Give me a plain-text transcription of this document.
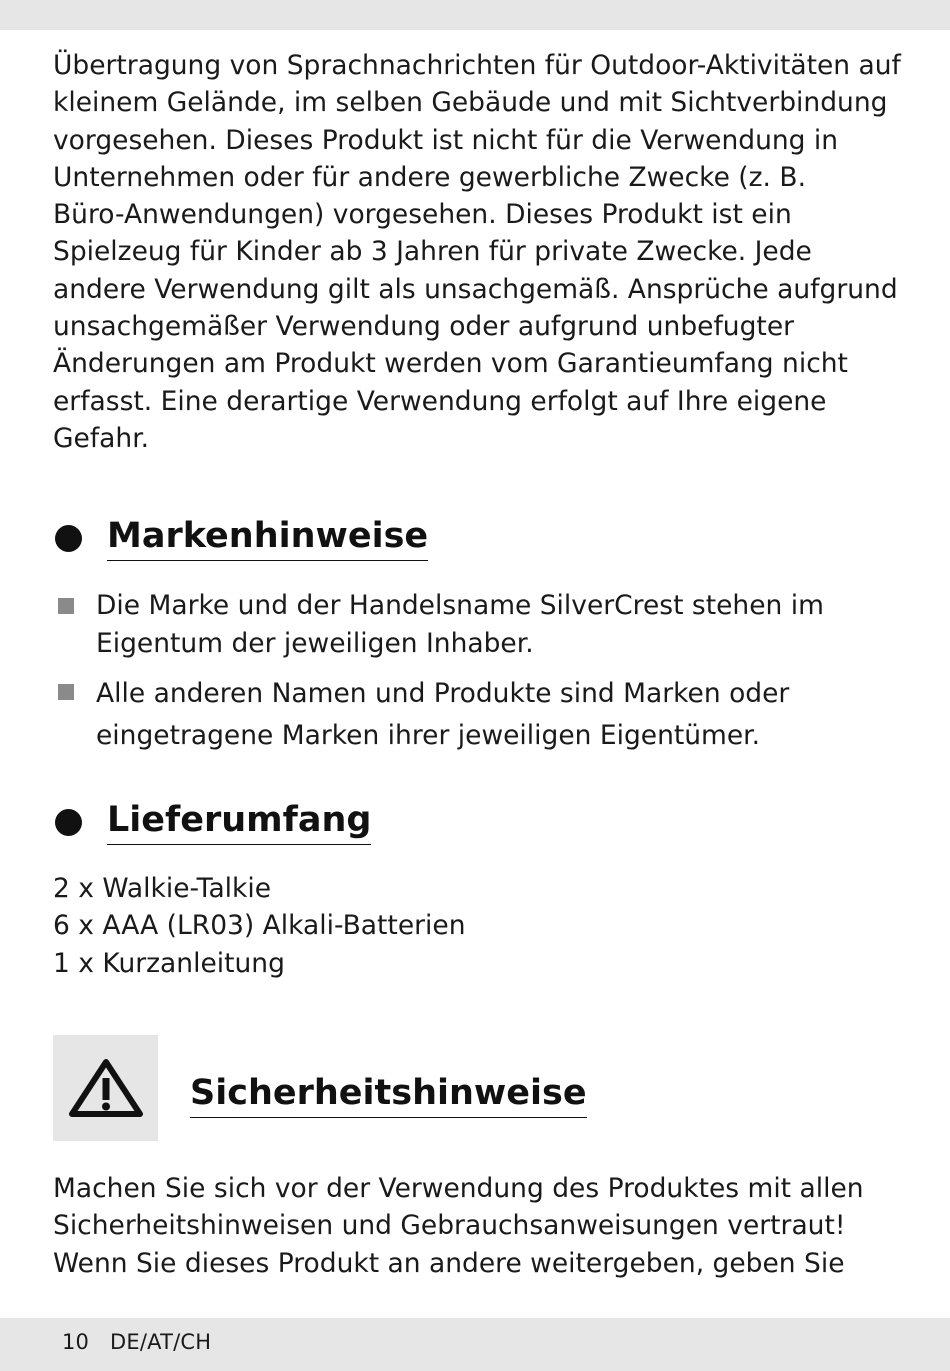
Übertragung von Sprachnachrichten für Outdoor-Aktivitäten auf
kleinem Gelände, im selben Gebäude und mit Sichtverbindung
vorgesehen. Dieses Produkt ist nicht für die Verwendung in
Unternehmen oder für andere gewerbliche Zwecke (z. B.
Büro-Anwendungen) vorgesehen. Dieses Produkt ist ein
Spielzeug für Kinder ab 3 Jahren für private Zwecke. Jede
andere Verwendung gilt als unsachgemäß. Ansprüche aufgrund
unsachgemäßer Verwendung oder aufgrund unbefugter
Änderungen am Produkt werden vom Garantieumfang nicht
erfasst. Eine derartige Verwendung erfolgt auf Ihre eigene
Gefahr.
Markenhinweise
Die Marke und der Handelsname SilverCrest stehen im
Eigentum der jeweiligen Inhaber.
Alle anderen Namen und Produkte sind Marken oder
eingetragene Marken ihrer jeweiligen Eigentümer.
Lieferumfang
2 x Walkie-Talkie
6 x AAA (LR03) Alkali-Batterien
1 x Kurzanleitung
Sicherheitshinweise
Machen Sie sich vor der Verwendung des Produktes mit allen
Sicherheitshinweisen und Gebrauchsanweisungen vertraut!
Wenn Sie dieses Produkt an andere weitergeben, geben Sie
10 DE/AT/CH
